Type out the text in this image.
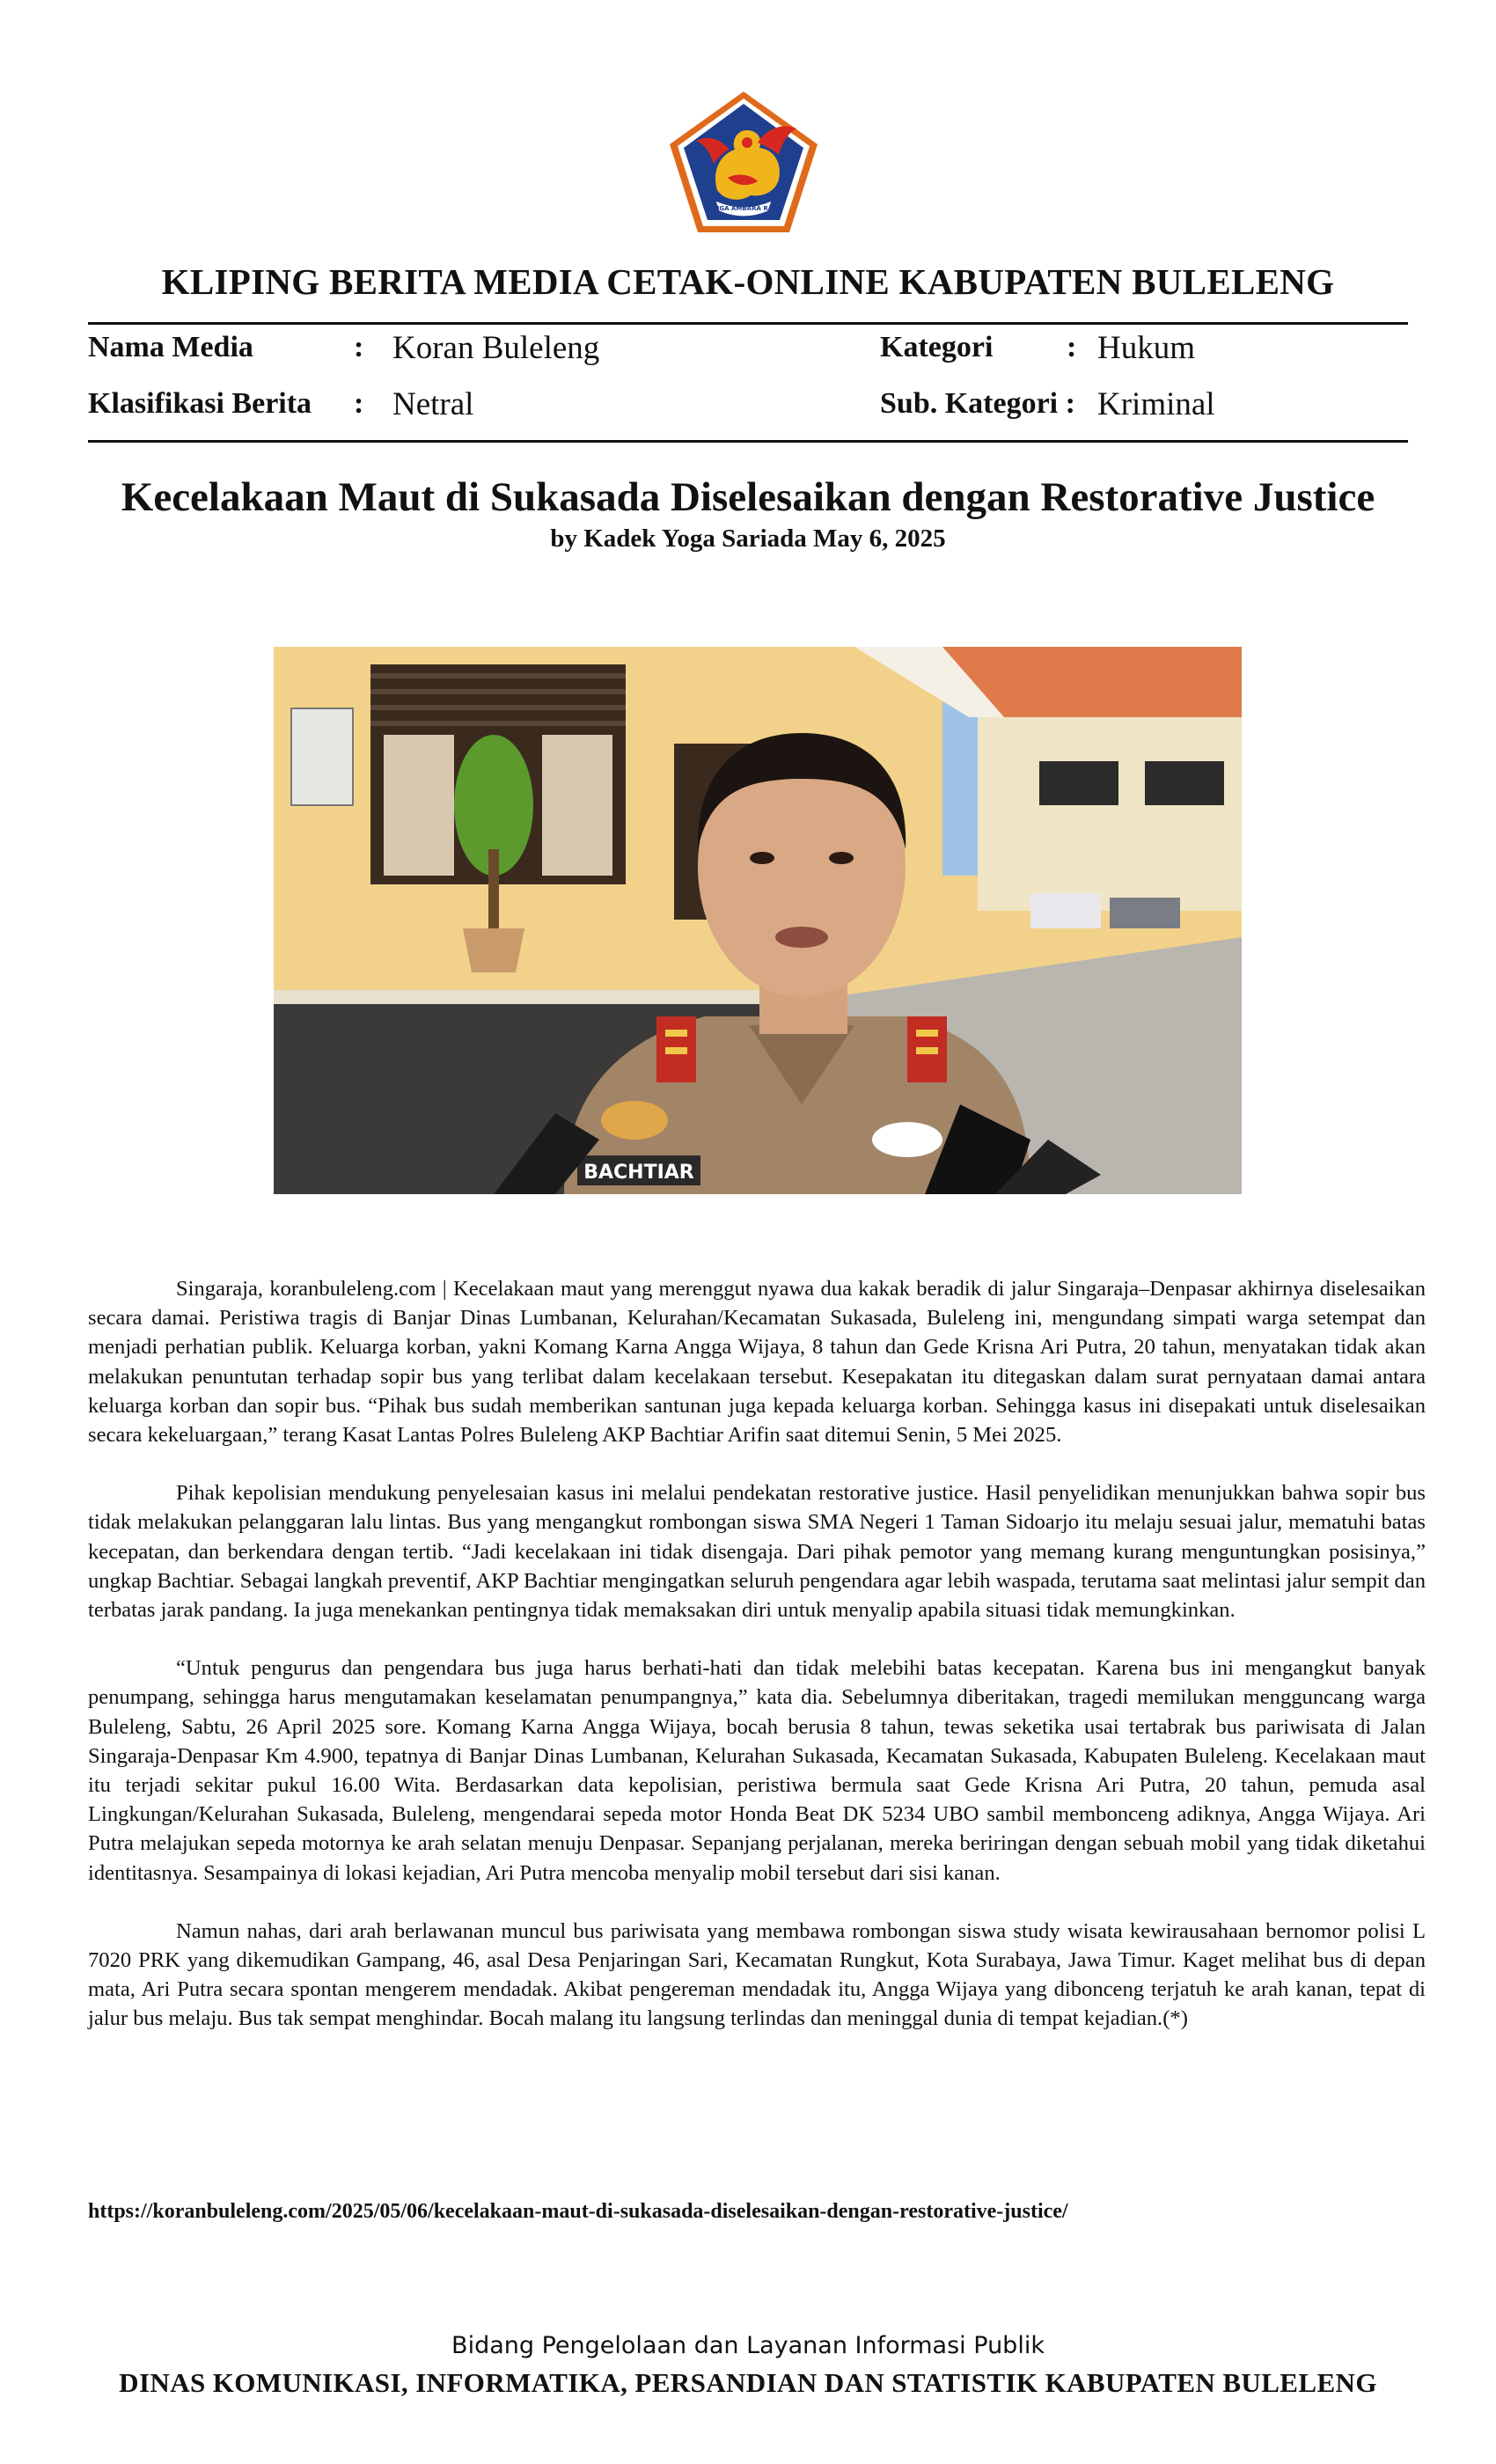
SINGA AMBARA RAJA
KLIPING BERITA MEDIA CETAK-ONLINE KABUPATEN BULELENG
Nama Media	: Koran Buleleng	Kategori : Hukum
Klasifikasi Berita : Netral	Sub. Kategori : Kriminal
Kecelakaan Maut di Sukasada Diselesaikan dengan Restorative Justice
by Kadek Yoga Sariada May 6, 2025
BACHTIAR

Singaraja, koranbuleleng.com | Kecelakaan maut yang merenggut nyawa dua kakak beradik di jalur Singaraja–Denpasar akhirnya diselesaikan secara damai. Peristiwa tragis di Banjar Dinas Lumbanan, Kelurahan/Kecamatan Sukasada, Buleleng ini, mengundang simpati warga setempat dan menjadi perhatian publik. Keluarga korban, yakni Komang Karna Angga Wijaya, 8 tahun dan Gede Krisna Ari Putra, 20 tahun, menyatakan tidak akan melakukan penuntutan terhadap sopir bus yang terlibat dalam kecelakaan tersebut. Kesepakatan itu ditegaskan dalam surat pernyataan damai antara keluarga korban dan sopir bus. “Pihak bus sudah memberikan santunan juga kepada keluarga korban. Sehingga kasus ini disepakati untuk diselesaikan secara kekeluargaan,” terang Kasat Lantas Polres Buleleng AKP Bachtiar Arifin saat ditemui Senin, 5 Mei 2025.

Pihak kepolisian mendukung penyelesaian kasus ini melalui pendekatan restorative justice. Hasil penyelidikan menunjukkan bahwa sopir bus tidak melakukan pelanggaran lalu lintas. Bus yang mengangkut rombongan siswa SMA Negeri 1 Taman Sidoarjo itu melaju sesuai jalur, mematuhi batas kecepatan, dan berkendara dengan tertib. “Jadi kecelakaan ini tidak disengaja. Dari pihak pemotor yang memang kurang menguntungkan posisinya,” ungkap Bachtiar. Sebagai langkah preventif, AKP Bachtiar mengingatkan seluruh pengendara agar lebih waspada, terutama saat melintasi jalur sempit dan terbatas jarak pandang. Ia juga menekankan pentingnya tidak memaksakan diri untuk menyalip apabila situasi tidak memungkinkan.

“Untuk pengurus dan pengendara bus juga harus berhati-hati dan tidak melebihi batas kecepatan. Karena bus ini mengangkut banyak penumpang, sehingga harus mengutamakan keselamatan penumpangnya,” kata dia. Sebelumnya diberitakan, tragedi memilukan mengguncang warga Buleleng, Sabtu, 26 April 2025 sore. Komang Karna Angga Wijaya, bocah berusia 8 tahun, tewas seketika usai tertabrak bus pariwisata di Jalan Singaraja-Denpasar Km 4.900, tepatnya di Banjar Dinas Lumbanan, Kelurahan Sukasada, Kecamatan Sukasada, Kabupaten Buleleng. Kecelakaan maut itu terjadi sekitar pukul 16.00 Wita. Berdasarkan data kepolisian, peristiwa bermula saat Gede Krisna Ari Putra, 20 tahun, pemuda asal Lingkungan/Kelurahan Sukasada, Buleleng, mengendarai sepeda motor Honda Beat DK 5234 UBO sambil membonceng adiknya, Angga Wijaya. Ari Putra melajukan sepeda motornya ke arah selatan menuju Denpasar. Sepanjang perjalanan, mereka beriringan dengan sebuah mobil yang tidak diketahui identitasnya. Sesampainya di lokasi kejadian, Ari Putra mencoba menyalip mobil tersebut dari sisi kanan.

Namun nahas, dari arah berlawanan muncul bus pariwisata yang membawa rombongan siswa study wisata kewirausahaan bernomor polisi L 7020 PRK yang dikemudikan Gampang, 46, asal Desa Penjaringan Sari, Kecamatan Rungkut, Kota Surabaya, Jawa Timur. Kaget melihat bus di depan mata, Ari Putra secara spontan mengerem mendadak. Akibat pengereman mendadak itu, Angga Wijaya yang dibonceng terjatuh ke arah kanan, tepat di jalur bus melaju. Bus tak sempat menghindar. Bocah malang itu langsung terlindas dan meninggal dunia di tempat kejadian.(*)

https://koranbuleleng.com/2025/05/06/kecelakaan-maut-di-sukasada-diselesaikan-dengan-restorative-justice/
Bidang Pengelolaan dan Layanan Informasi Publik
DINAS KOMUNIKASI, INFORMATIKA, PERSANDIAN DAN STATISTIK KABUPATEN BULELENG
